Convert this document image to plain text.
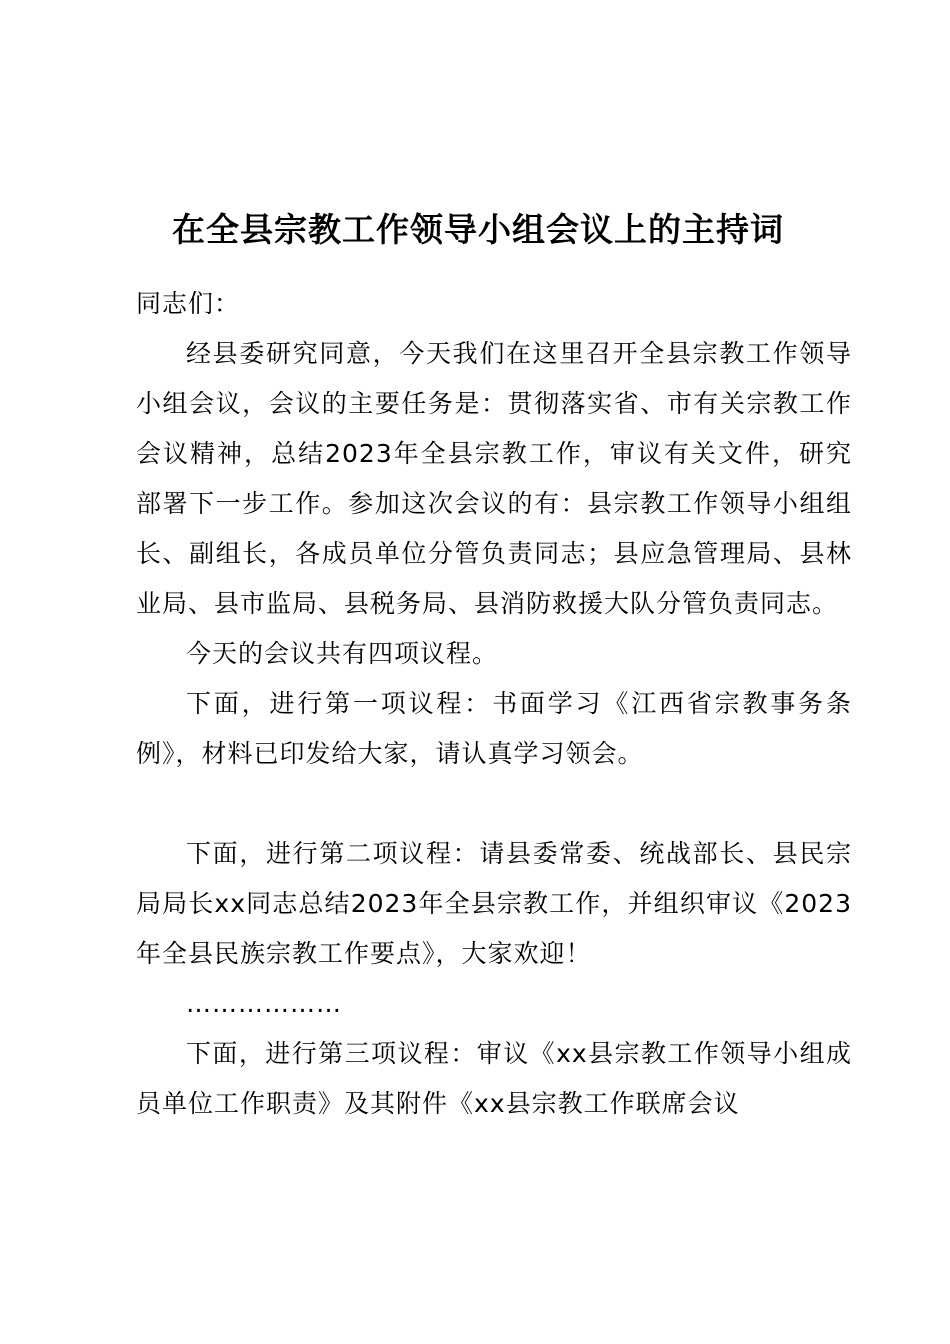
在全县宗教工作领导小组会议上的主持词

同志们：

经县委研究同意，今天我们在这里召开全县宗教工作领导小组会议，会议的主要任务是：贯彻落实省、市有关宗教工作会议精神，总结2023年全县宗教工作，审议有关文件，研究部署下一步工作。参加这次会议的有：县宗教工作领导小组组长、副组长，各成员单位分管负责同志；县应急管理局、县林业局、县市监局、县税务局、县消防救援大队分管负责同志。

今天的会议共有四项议程。

下面，进行第一项议程：书面学习《江西省宗教事务条例》，材料已印发给大家，请认真学习领会。

下面，进行第二项议程：请县委常委、统战部长、县民宗局局长xx同志总结2023年全县宗教工作，并组织审议《2023年全县民族宗教工作要点》，大家欢迎！

………………

下面，进行第三项议程：审议《xx县宗教工作领导小组成员单位工作职责》及其附件《xx县宗教工作联席会议
